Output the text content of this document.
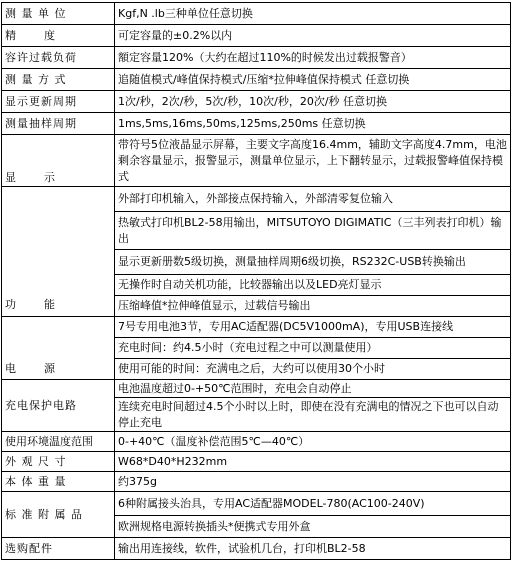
测 量 单 位	Kgf,N .lb三种单位任意切换
精      度	可定容量的±0.2%以内
容许过载负荷	額定容量120%（大约在超过110%的时候发出过载报警音）
测 量 方 式	追随值模式/峰值保持模式/压缩*拉伸峰值保持模式 任意切换
显示更新周期	1次/秒，2次/秒，5次/秒，10次/秒，20次/秒 任意切换
测量抽样周期	1ms,5ms,16ms,50ms,125ms,250ms 任意切换
显      示	带符号5位液晶显示屏幕，主要文字高度16.4mm，辅助文字高度4.7mm，电池剩余容量显示，报警显示，测量单位显示，上下翻转显示，过载报警峰值保持模式
功      能	外部打印机输入，外部接点保持输入，外部清零复位输入
	热敏式打印机BL2-58用输出，MITSUTOYO DIGIMATIC（三丰列表打印机）输出
	显示更新册数5级切换，测量抽样周期6级切换，RS232C-USB转换输出
	无操作时自动关机功能，比较器输出以及LED亮灯显示
	压缩峰值*拉伸峰值显示，过载信号输出
电      源	7号专用电池3节，专用AC适配器(DC5V1000mA)，专用USB连接线
	充电时间：约4.5小时（充电过程之中可以测量使用）
	使用可能的时间：充满电之后，大约可以使用30个小时
充电保护电路	电池温度超过0-+50℃范围时，充电会自动停止
	连续充电时间超过4.5个小时以上时，即使在没有充满电的情况之下也可以自动停止充电
使用环境温度范围	0-+40℃（温度补偿范围5℃—40℃）
外 观 尺 寸	W68*D40*H232mm
本 体 重 量	约375g
标 准 附 属 品	6种附属接头治具，专用AC适配器MODEL-780(AC100-240V)
	欧洲规格电源转换插头*便携式专用外盒
选购配件	输出用连接线，软件，试验机几台，打印机BL2-58
